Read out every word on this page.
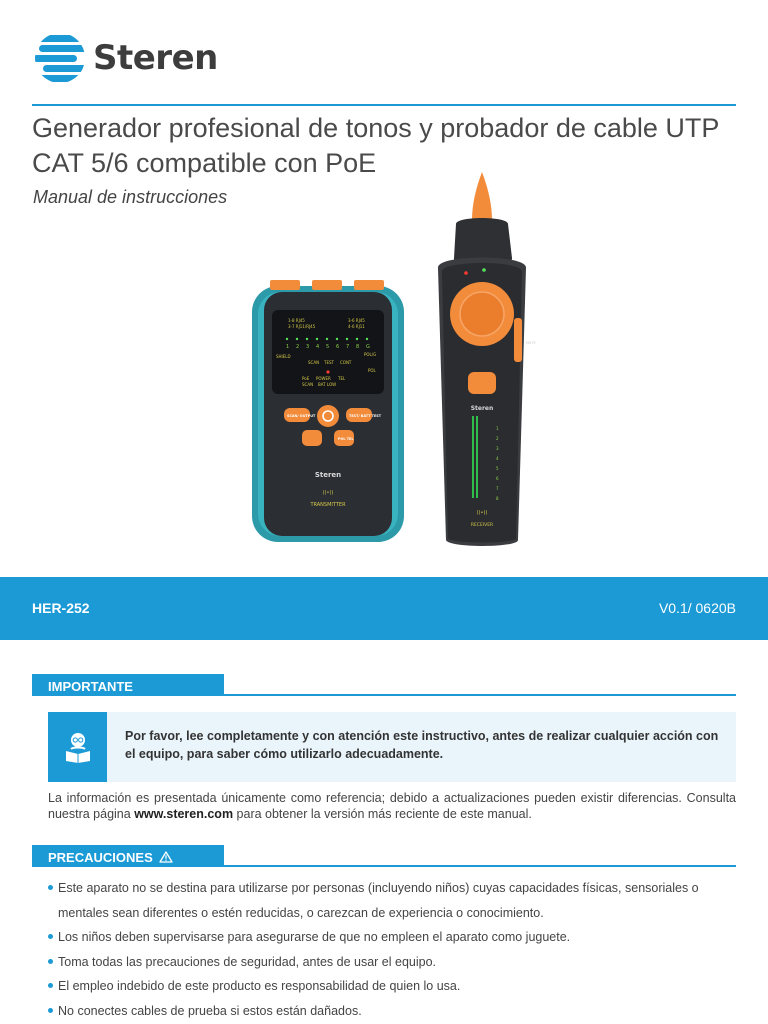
Steren
Generador profesional de tonos y probador de cable UTP CAT 5/6 compatible con PoE
Manual de instrucciones
1-8 RJ45	3-6 RJ45
3-7 RJ11/RJ45	4-6 RJ11
1 2 3 4 5 6 7 8 G
SHIELD
SCAN TEST CONT
POL/G
POL
PoE POWER TEL
SCAN BAT LOW
SCAN/ OUTPUT	TEST/ BATT TEST
POL TEL
Steren
((•))
TRANSMITTER
Steren
1
2
3
4
5
6
7
8
((•))
RECEIVER
MUTE
HER-252	V0.1/ 0620B
IMPORTANTE
Por favor, lee completamente y con atención este instructivo, antes de realizar cualquier acción con el equipo, para saber cómo utilizarlo adecuadamente.

La información es presentada únicamente como referencia; debido a actualizaciones pueden existir diferencias. Consulta nuestra página www.steren.com para obtener la versión más reciente de este manual.

PRECAUCIONES
Este aparato no se destina para utilizarse por personas (incluyendo niños) cuyas capacidades físicas, sensoriales o mentales sean diferentes o estén reducidas, o carezcan de experiencia o conocimiento.
Los niños deben supervisarse para asegurarse de que no empleen el aparato como juguete.
Toma todas las precauciones de seguridad, antes de usar el equipo.
El empleo indebido de este producto es responsabilidad de quien lo usa.
No conectes cables de prueba si estos están dañados.
